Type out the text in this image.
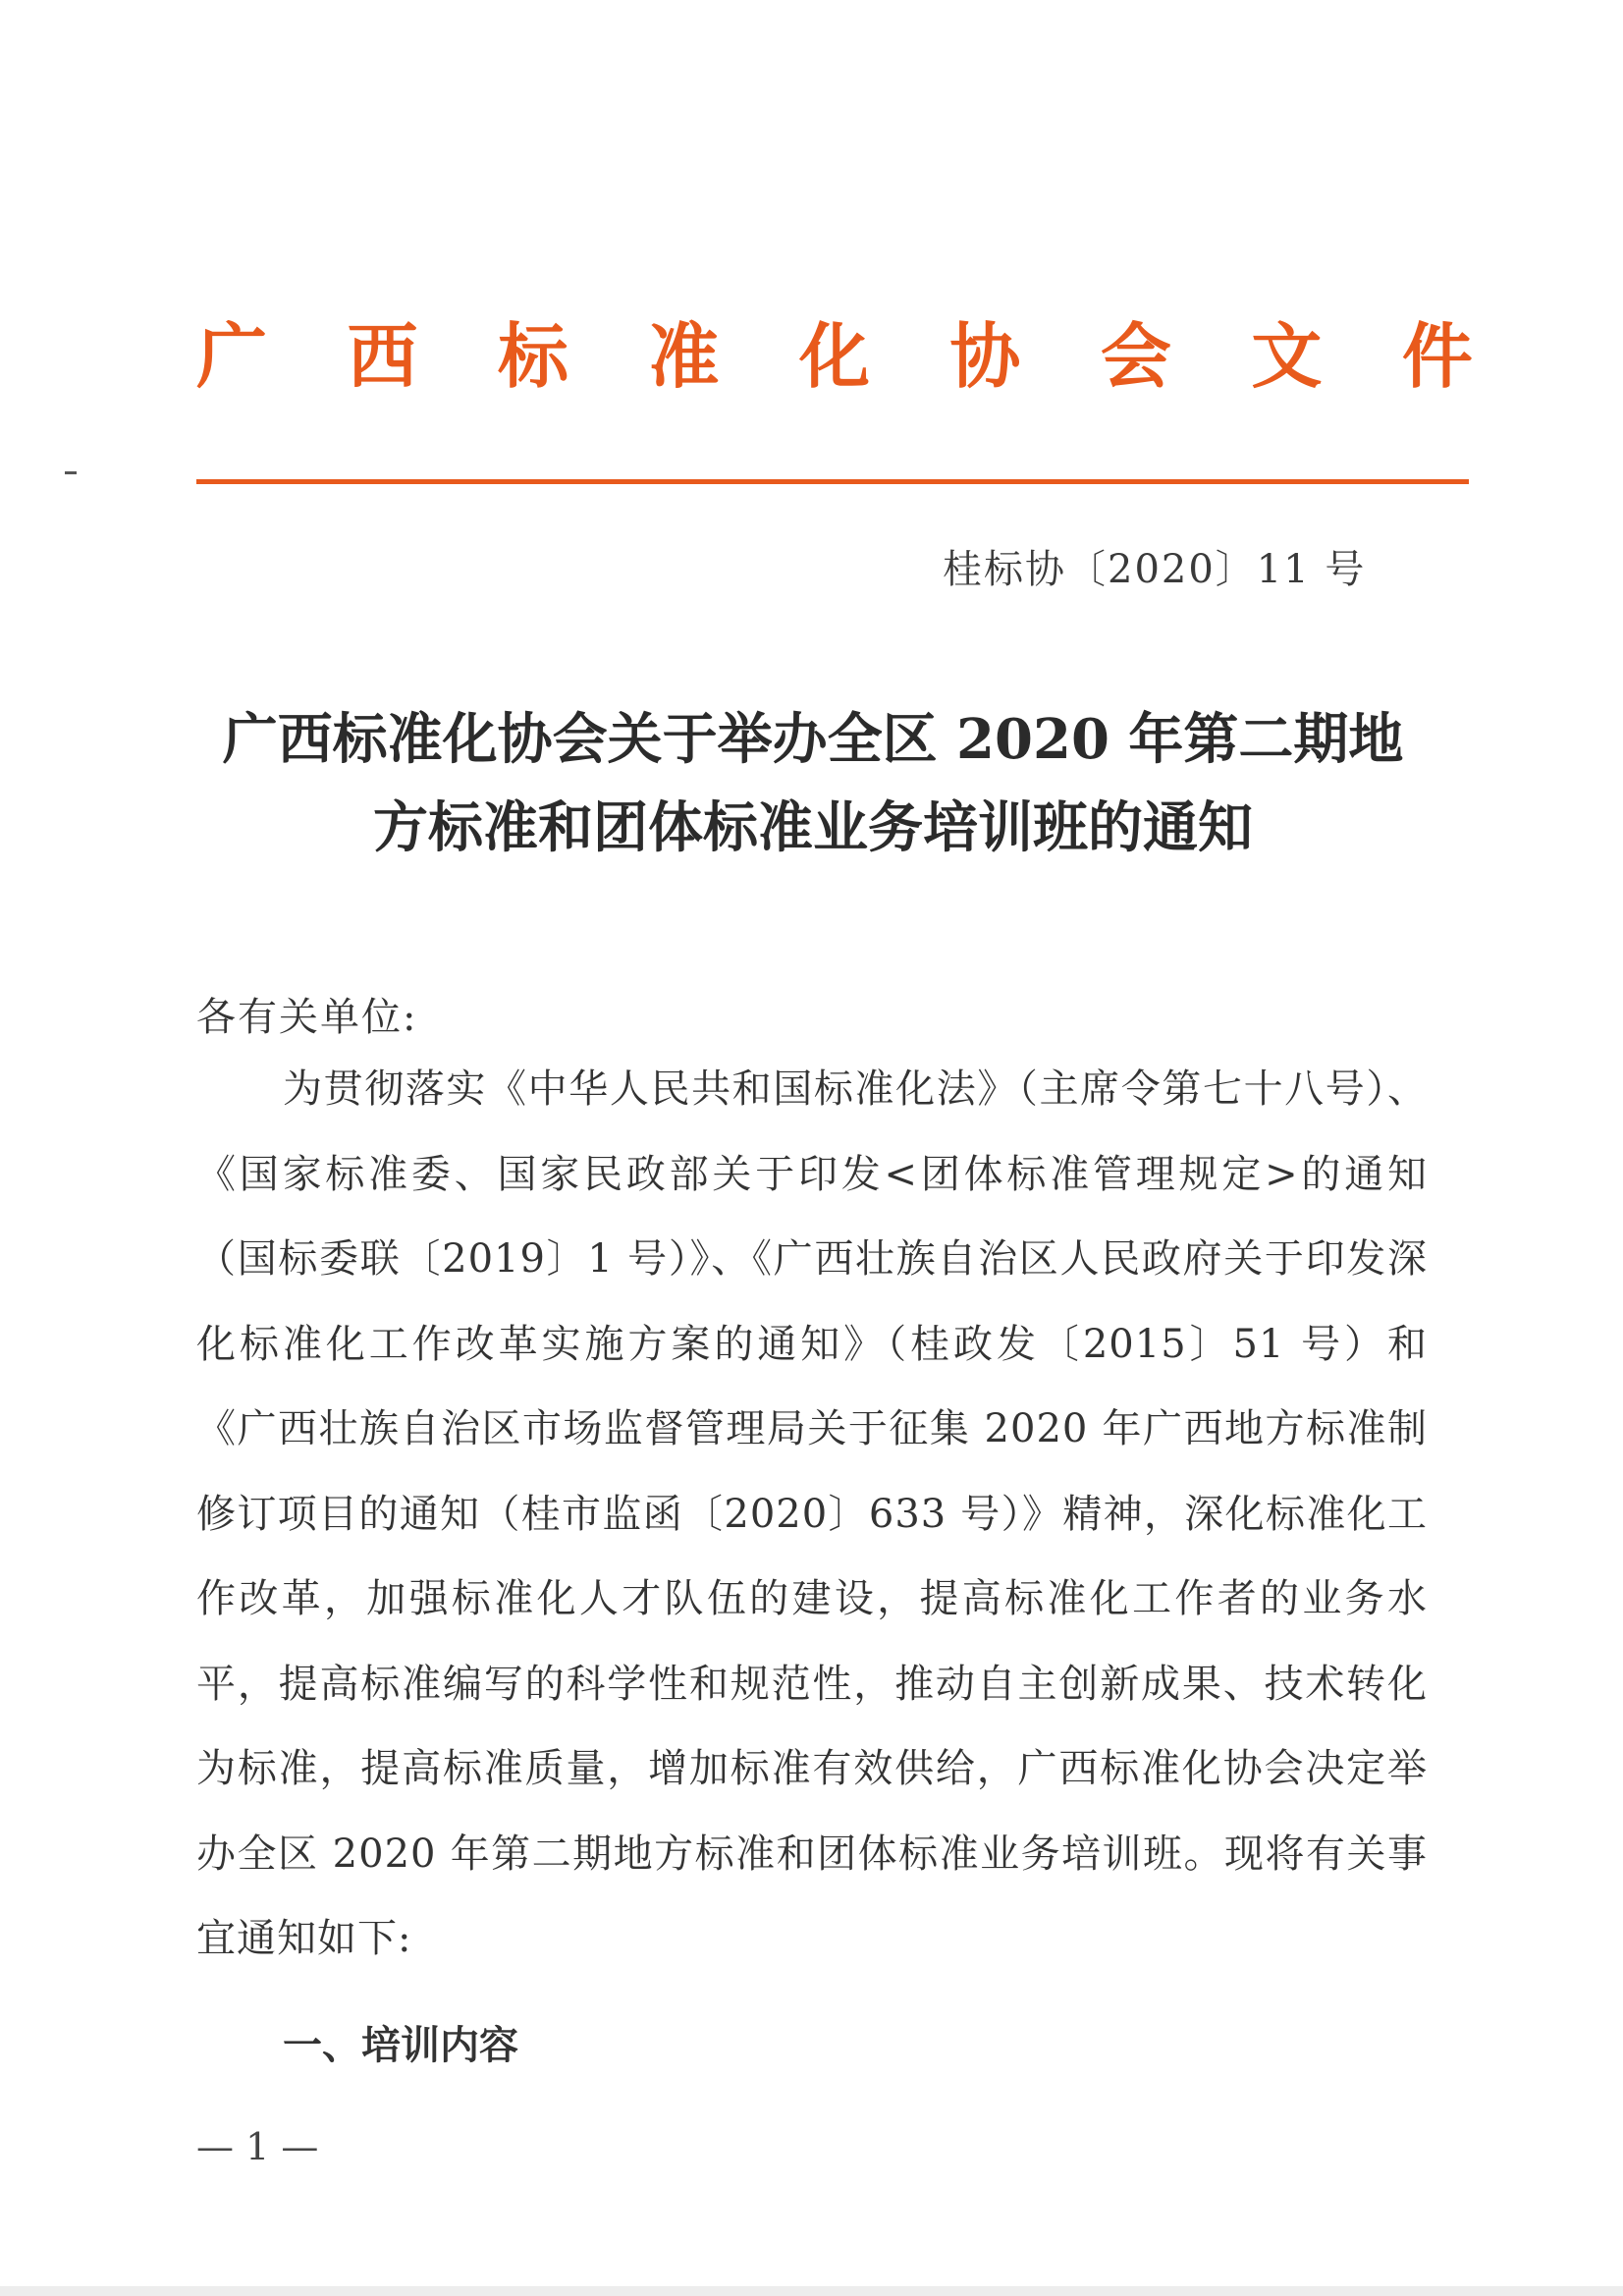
广 西 标 准 化 协 会 文 件
桂标协〔2020〕11 号
广西标准化协会关于举办全区 2020 年第二期地
方标准和团体标准业务培训班的通知
各有关单位:

为贯彻落实《中华人民共和国标准化法》（主席令第七十八号）、《国家标准委、国家民政部关于印发<团体标准管理规定>的通知（国标委联〔2019〕1 号）》、《广西壮族自治区人民政府关于印发深化标准化工作改革实施方案的通知》（桂政发〔2015〕51 号）和《广西壮族自治区市场监督管理局关于征集 2020 年广西地方标准制修订项目的通知（桂市监函〔2020〕633 号）》精神，深化标准化工作改革，加强标准化人才队伍的建设，提高标准化工作者的业务水平，提高标准编写的科学性和规范性，推动自主创新成果、技术转化为标准，提高标准质量，增加标准有效供给，广西标准化协会决定举办全区 2020 年第二期地方标准和团体标准业务培训班。现将有关事宜通知如下:

一、培训内容
— 1 —
